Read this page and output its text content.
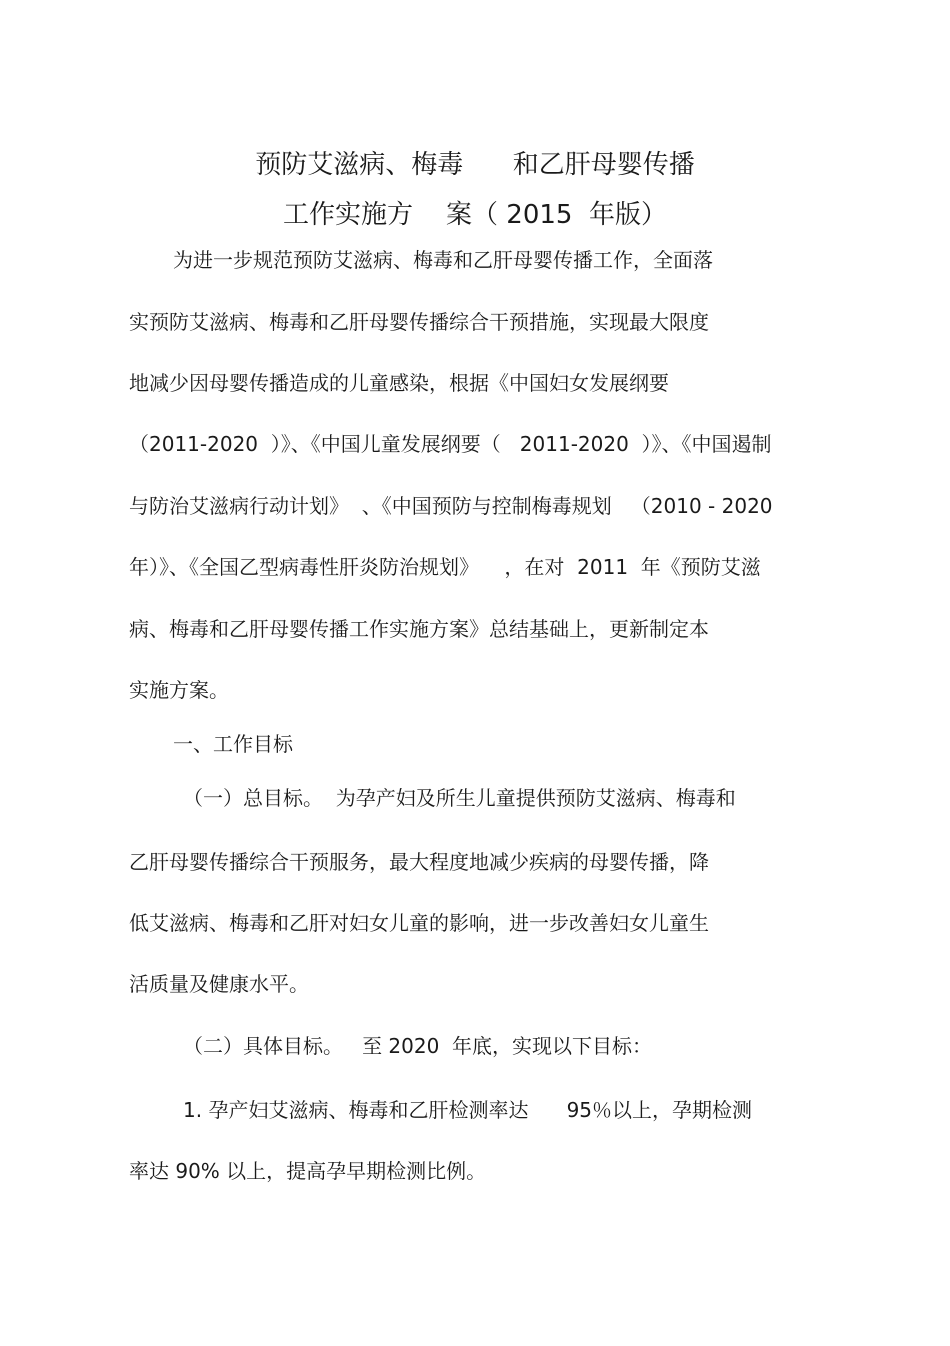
预防艾滋病、梅毒      和乙肝母婴传播
工作实施方    案（ 2015  年版）
为进一步规范预防艾滋病、梅毒和乙肝母婴传播工作，全面落
实预防艾滋病、梅毒和乙肝母婴传播综合干预措施，实现最大限度
地减少因母婴传播造成的儿童感染，根据《中国妇女发展纲要
（2011-2020  ）》、《中国儿童发展纲要（   2011-2020  ）》、《中国遏制
与防治艾滋病行动计划》  、《中国预防与控制梅毒规划   （2010 - 2020
年）》、《全国乙型病毒性肝炎防治规划》    ，在对  2011  年《预防艾滋
病、梅毒和乙肝母婴传播工作实施方案》总结基础上，更新制定本
实施方案。
一、工作目标
（一）总目标。  为孕产妇及所生儿童提供预防艾滋病、梅毒和
乙肝母婴传播综合干预服务，最大程度地减少疾病的母婴传播，降
低艾滋病、梅毒和乙肝对妇女儿童的影响，进一步改善妇女儿童生
活质量及健康水平。
（二）具体目标。   至 2020  年底，实现以下目标：
1. 孕产妇艾滋病、梅毒和乙肝检测率达      95％以上，孕期检测
率达 90% 以上，提高孕早期检测比例。
